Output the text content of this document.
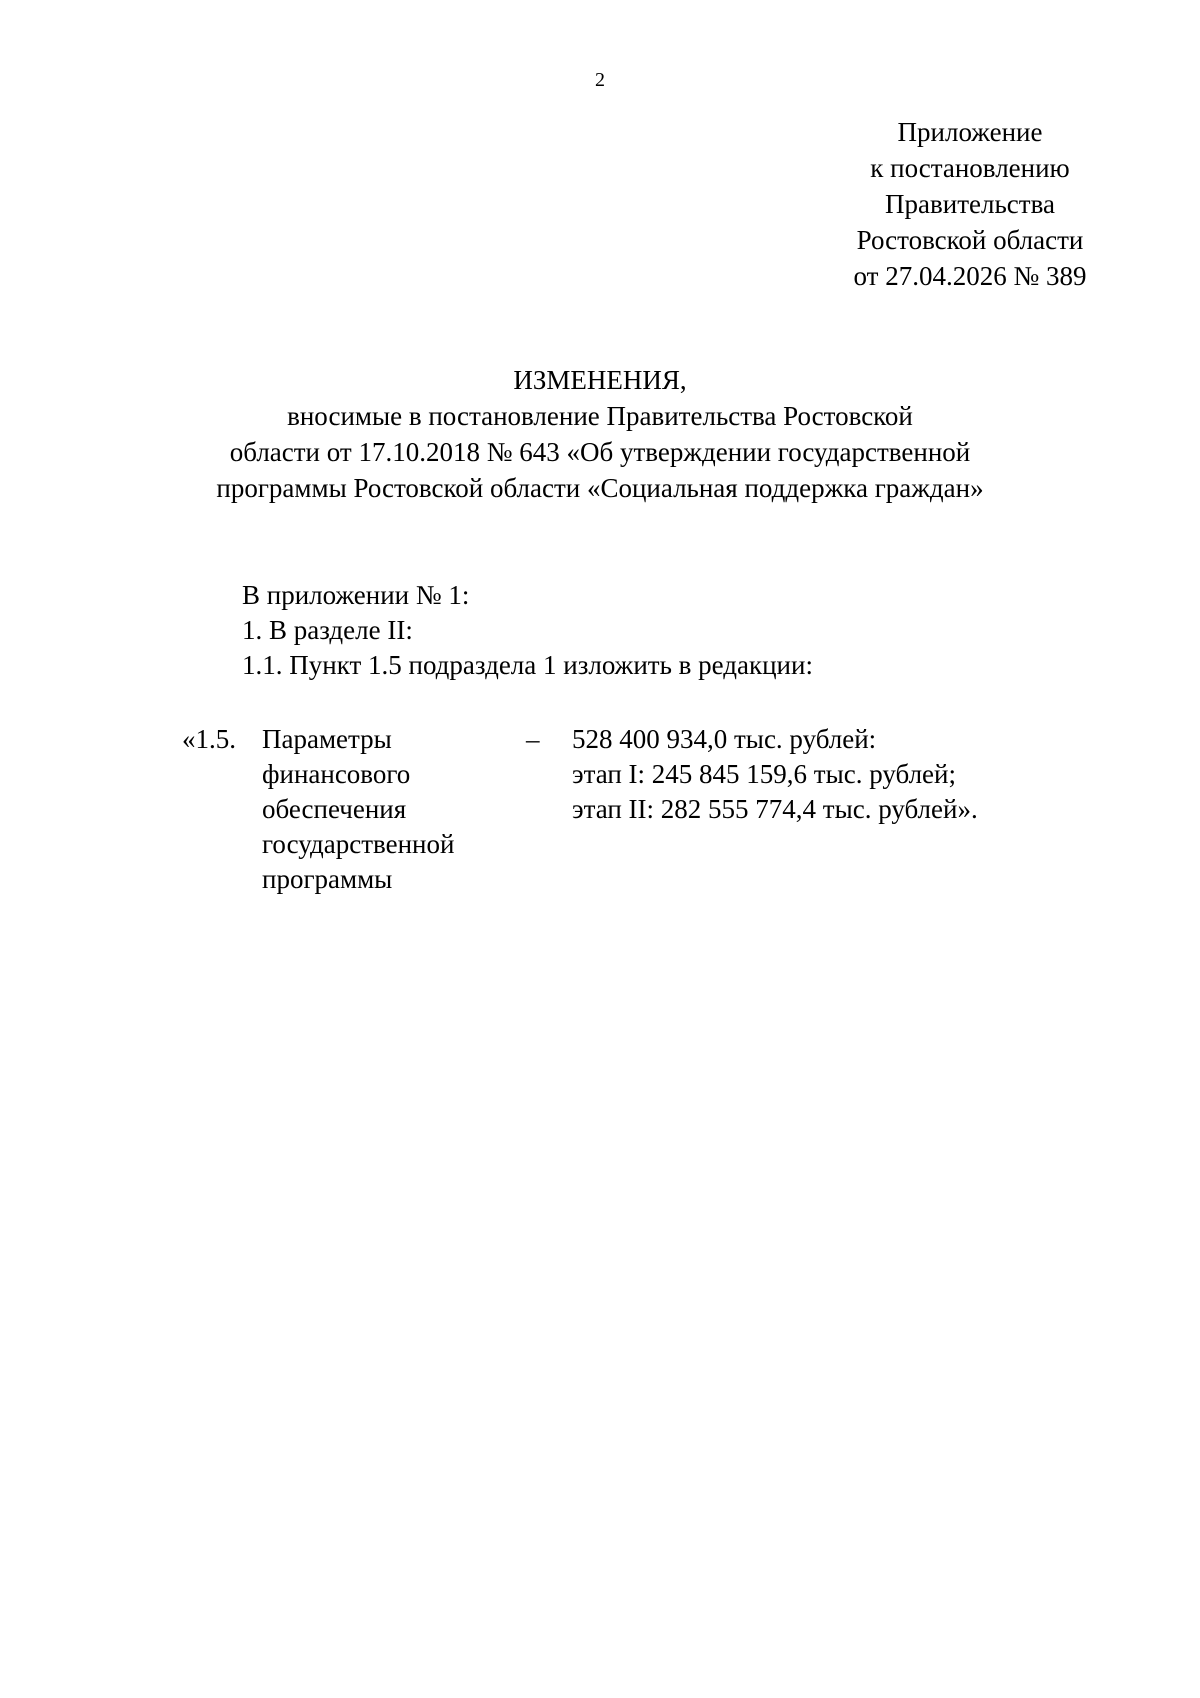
2
Приложение
к постановлению
Правительства
Ростовской области
от 27.04.2026 № 389
ИЗМЕНЕНИЯ,
вносимые в постановление Правительства Ростовской
области от 17.10.2018 № 643 «Об утверждении государственной
программы Ростовской области «Социальная поддержка граждан»
В приложении № 1:
1. В разделе II:
1.1. Пункт 1.5 подраздела 1 изложить в редакции:
«1.5. Параметры
финансового
обеспечения
государственной
программы
– 528 400 934,0 тыс. рублей:
этап I: 245 845 159,6 тыс. рублей;
этап II: 282 555 774,4 тыс. рублей».
